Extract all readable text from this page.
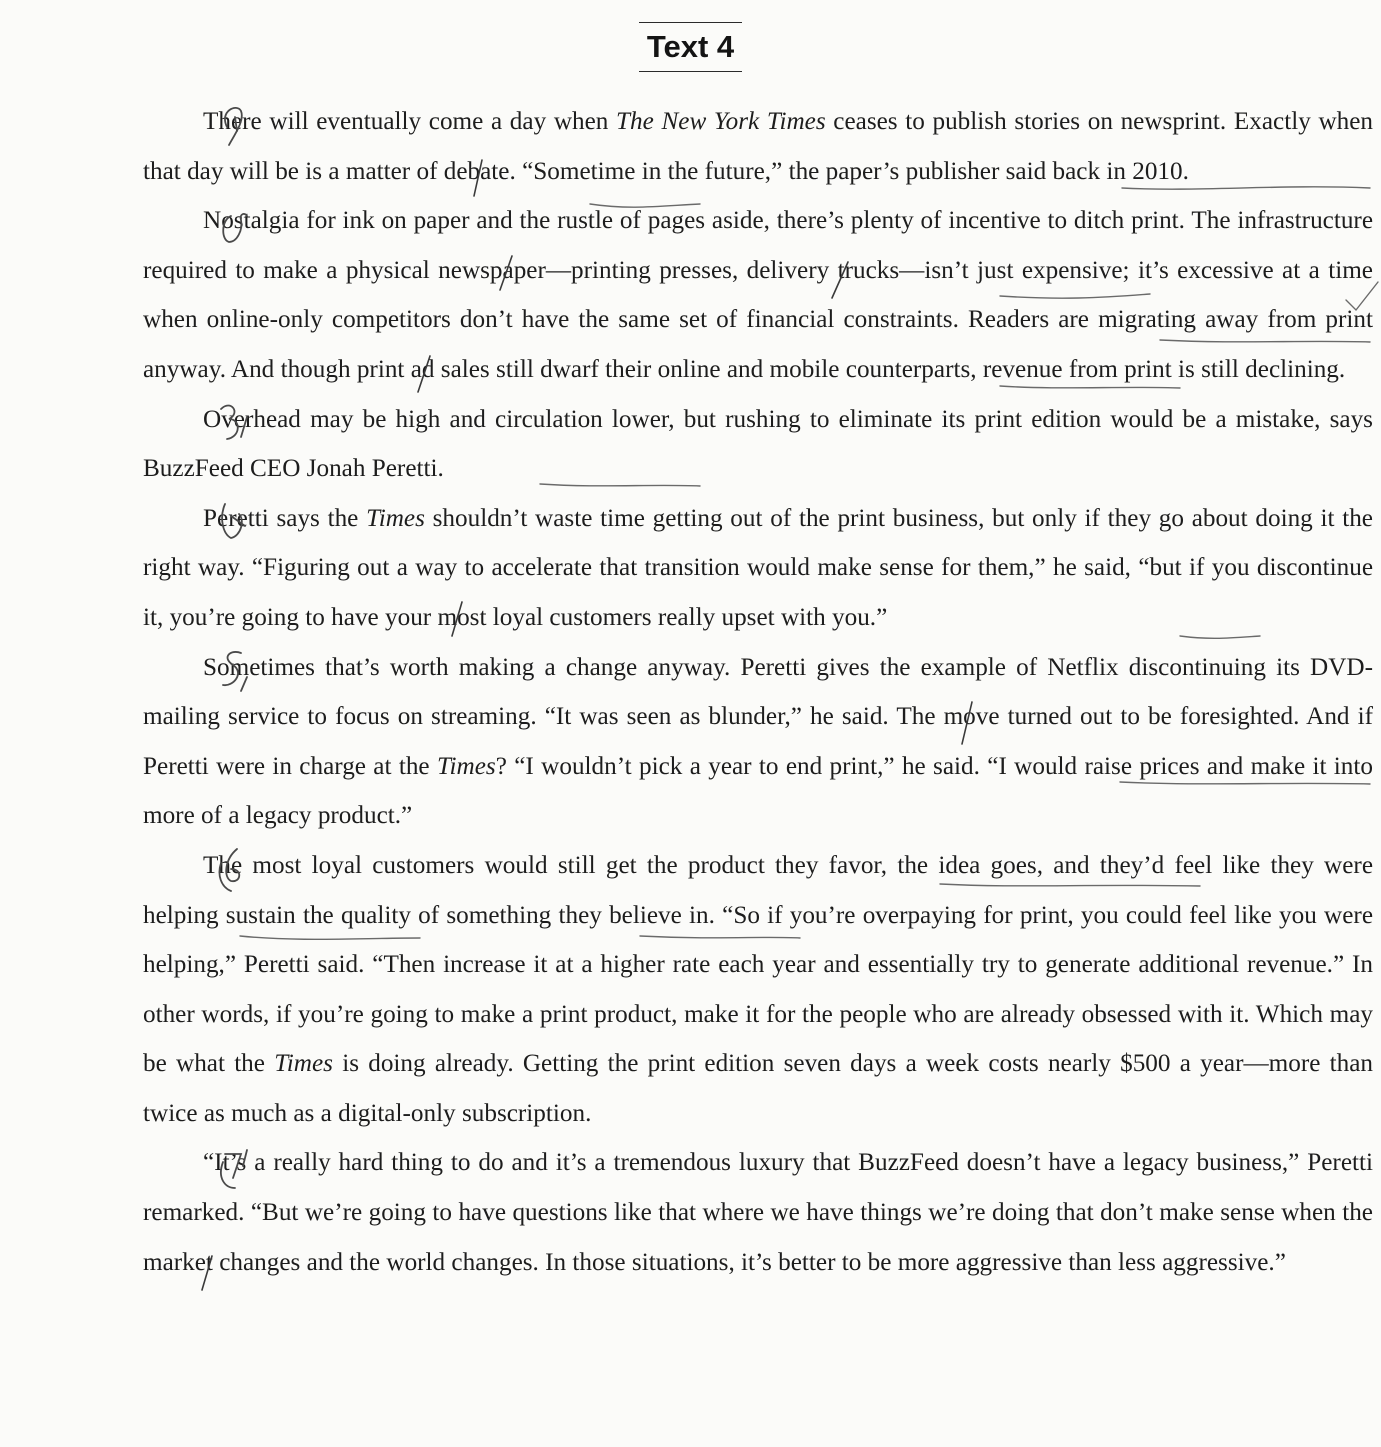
Text 4

There will eventually come a day when The New York Times ceases to publish stories on newsprint. Exactly when that day will be is a matter of debate. “Sometime in the future,” the paper’s publisher said back in 2010.

Nostalgia for ink on paper and the rustle of pages aside, there’s plenty of incentive to ditch print. The infrastructure required to make a physical newspaper—printing presses, delivery trucks—isn’t just expensive; it’s excessive at a time when online-only competitors don’t have the same set of financial constraints. Readers are migrating away from print anyway. And though print ad sales still dwarf their online and mobile counterparts, revenue from print is still declining.

Overhead may be high and circulation lower, but rushing to eliminate its print edition would be a mistake, says BuzzFeed CEO Jonah Peretti.

Peretti says the Times shouldn’t waste time getting out of the print business, but only if they go about doing it the right way. “Figuring out a way to accelerate that transition would make sense for them,” he said, “but if you discontinue it, you’re going to have your most loyal customers really upset with you.”

Sometimes that’s worth making a change anyway. Peretti gives the example of Netflix discontinuing its DVD-mailing service to focus on streaming. “It was seen as blunder,” he said. The move turned out to be foresighted. And if Peretti were in charge at the Times? “I wouldn’t pick a year to end print,” he said. “I would raise prices and make it into more of a legacy product.”

The most loyal customers would still get the product they favor, the idea goes, and they’d feel like they were helping sustain the quality of something they believe in. “So if you’re overpaying for print, you could feel like you were helping,” Peretti said. “Then increase it at a higher rate each year and essentially try to generate additional revenue.” In other words, if you’re going to make a print product, make it for the people who are already obsessed with it. Which may be what the Times is doing already. Getting the print edition seven days a week costs nearly $500 a year—more than twice as much as a digital-only subscription.

“It’s a really hard thing to do and it’s a tremendous luxury that BuzzFeed doesn’t have a legacy business,” Peretti remarked. “But we’re going to have questions like that where we have things we’re doing that don’t make sense when the market changes and the world changes. In those situations, it’s better to be more aggressive than less aggressive.”
